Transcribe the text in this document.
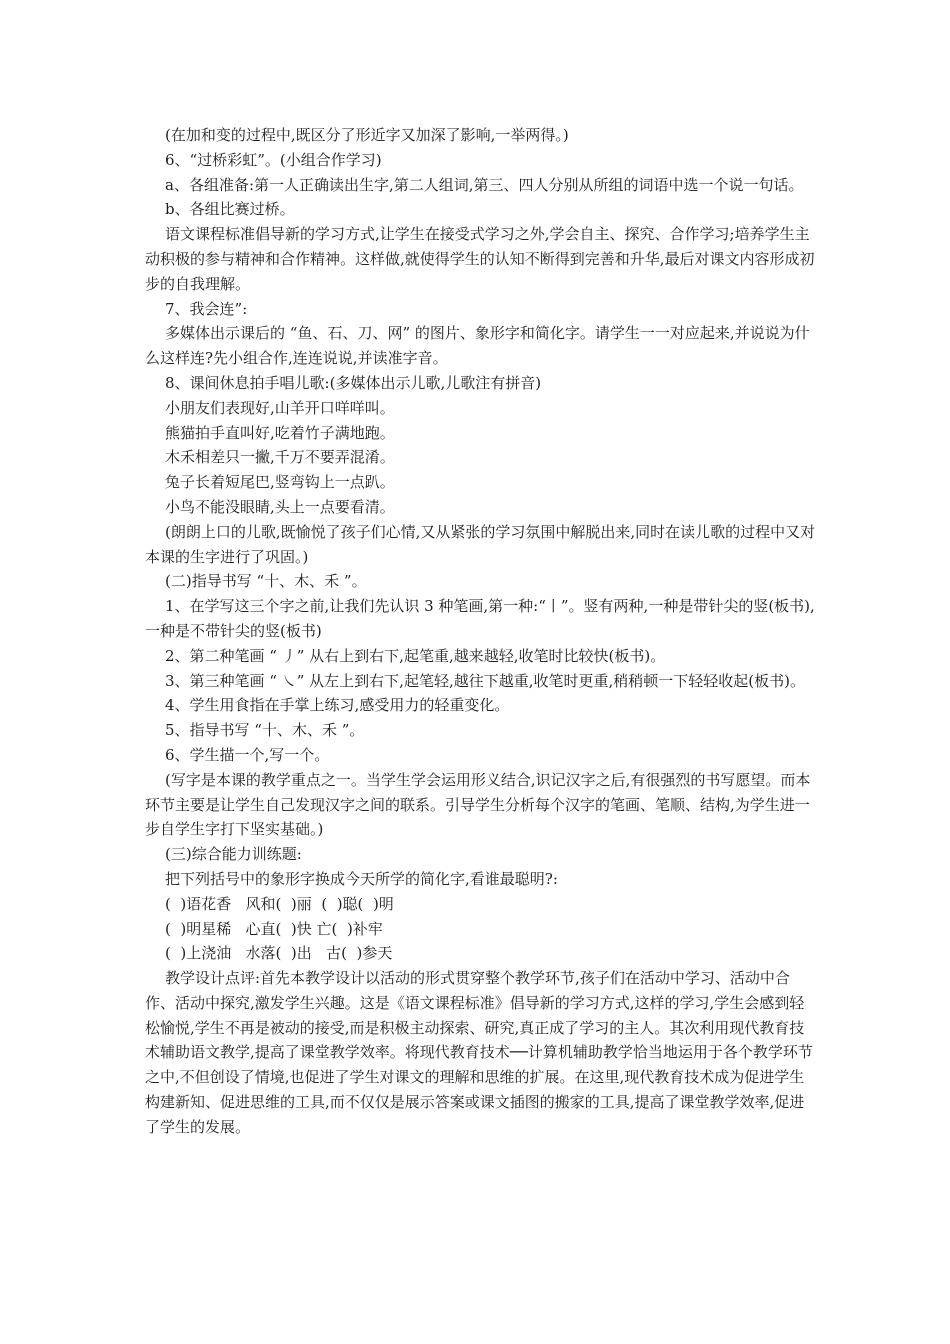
(在加和变的过程中,既区分了形近字又加深了影响,一举两得。)

6、“过桥彩虹”。(小组合作学习)

a、各组准备:第一人正确读出生字,第二人组词,第三、四人分别从所组的词语中选一个说一句话。

b、各组比赛过桥。

语文课程标准倡导新的学习方式,让学生在接受式学习之外,学会自主、探究、合作学习;培养学生主动积极的参与精神和合作精神。这样做,就使得学生的认知不断得到完善和升华,最后对课文内容形成初步的自我理解。

7、我会连”:

多媒体出示课后的 “鱼、石、刀、网” 的图片、象形字和简化字。请学生一一对应起来,并说说为什么这样连?先小组合作,连连说说,并读准字音。

8、课间休息拍手唱儿歌:(多媒体出示儿歌,儿歌注有拼音)

小朋友们表现好,山羊开口咩咩叫。

熊猫拍手直叫好,吃着竹子满地跑。

木禾相差只一撇,千万不要弄混淆。

兔子长着短尾巴,竖弯钩上一点趴。

小鸟不能没眼睛,头上一点要看清。

(朗朗上口的儿歌,既愉悦了孩子们心情,又从紧张的学习氛围中解脱出来,同时在读儿歌的过程中又对本课的生字进行了巩固。)

(二)指导书写 “十、木、禾 ”。

1、在学写这三个字之前,让我们先认识 3 种笔画,第一种:“丨”。竖有两种,一种是带针尖的竖(板书),一种是不带针尖的竖(板书)

2、第二种笔画 “ 丿” 从右上到右下,起笔重,越来越轻,收笔时比较快(板书)。

3、第三种笔画 “ ㇏” 从左上到右下,起笔轻,越往下越重,收笔时更重,稍稍顿一下轻轻收起(板书)。

4、学生用食指在手掌上练习,感受用力的轻重变化。

5、指导书写 “十、木、禾 ”。

6、学生描一个,写一个。

(写字是本课的教学重点之一。当学生学会运用形义结合,识记汉字之后,有很强烈的书写愿望。而本环节主要是让学生自己发现汉字之间的联系。引导学生分析每个汉字的笔画、笔顺、结构,为学生进一步自学生字打下坚实基础。)

(三)综合能力训练题:

把下列括号中的象形字换成今天所学的简化字,看谁最聪明?:

(  )语花香   风和(  )丽  (  )聪(  )明

(  )明星稀   心直(  )快 亡(  )补牢

(  )上浇油   水落(  )出   古(  )参天

教学设计点评:首先本教学设计以活动的形式贯穿整个教学环节,孩子们在活动中学习、活动中合作、活动中探究,激发学生兴趣。这是《语文课程标准》倡导新的学习方式,这样的学习,学生会感到轻松愉悦,学生不再是被动的接受,而是积极主动探索、研究,真正成了学习的主人。其次利用现代教育技术辅助语文教学,提高了课堂教学效率。将现代教育技术──计算机辅助教学恰当地运用于各个教学环节之中,不但创设了情境,也促进了学生对课文的理解和思维的扩展。在这里,现代教育技术成为促进学生构建新知、促进思维的工具,而不仅仅是展示答案或课文插图的搬家的工具,提高了课堂教学效率,促进了学生的发展。
